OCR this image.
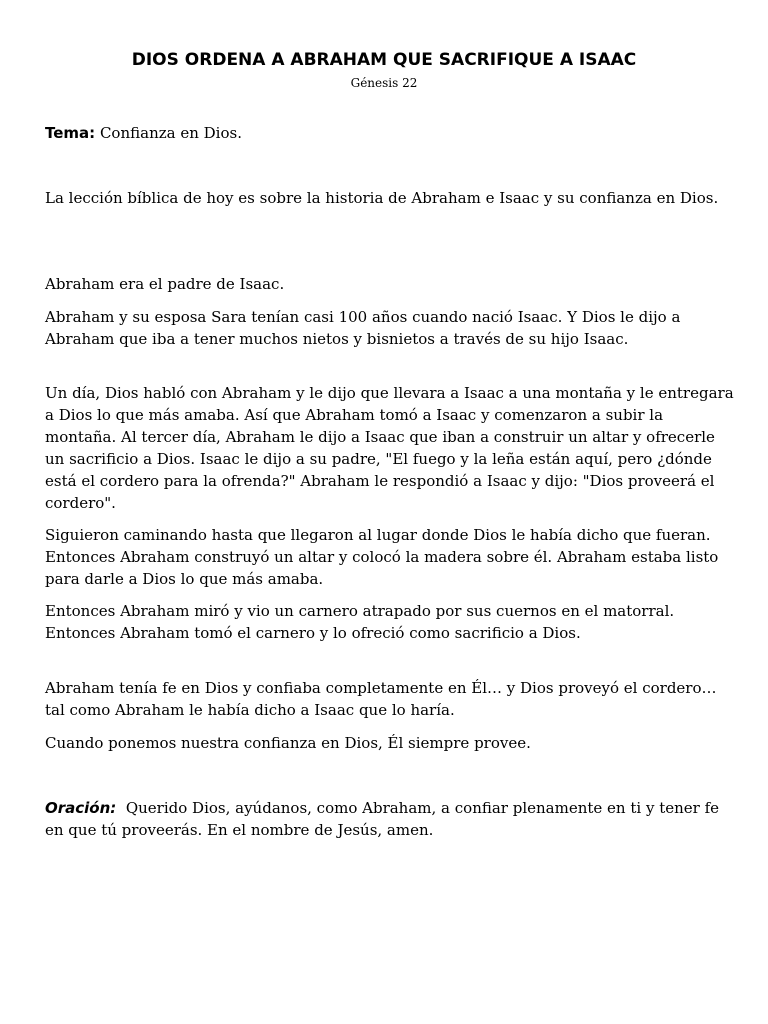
DIOS ORDENA A ABRAHAM QUE SACRIFIQUE A ISAAC
Génesis 22

Tema: Confianza en Dios.

La lección bíblica de hoy es sobre la historia de Abraham e Isaac y su confianza en Dios.

Abraham era el padre de Isaac.

Abraham y su esposa Sara tenían casi 100 años cuando nació Isaac. Y Dios le dijo a Abraham que iba a tener muchos nietos y bisnietos a través de su hijo Isaac.

Un día, Dios habló con Abraham y le dijo que llevara a Isaac a una montaña y le entregara a Dios lo que más amaba. Así que Abraham tomó a Isaac y comenzaron a subir la montaña. Al tercer día, Abraham le dijo a Isaac que iban a construir un altar y ofrecerle un sacrificio a Dios. Isaac le dijo a su padre, "El fuego y la leña están aquí, pero ¿dónde está el cordero para la ofrenda?" Abraham le respondió a Isaac y dijo: "Dios proveerá el cordero".

Siguieron caminando hasta que llegaron al lugar donde Dios le había dicho que fueran. Entonces Abraham construyó un altar y colocó la madera sobre él. Abraham estaba listo para darle a Dios lo que más amaba.

Entonces Abraham miró y vio un carnero atrapado por sus cuernos en el matorral. Entonces Abraham tomó el carnero y lo ofreció como sacrificio a Dios.

Abraham tenía fe en Dios y confiaba completamente en Él… y Dios proveyó el cordero… tal como Abraham le había dicho a Isaac que lo haría.

Cuando ponemos nuestra confianza en Dios, Él siempre provee.

Oración: Querido Dios, ayúdanos, como Abraham, a confiar plenamente en ti y tener fe en que tú proveerás. En el nombre de Jesús, amen.
